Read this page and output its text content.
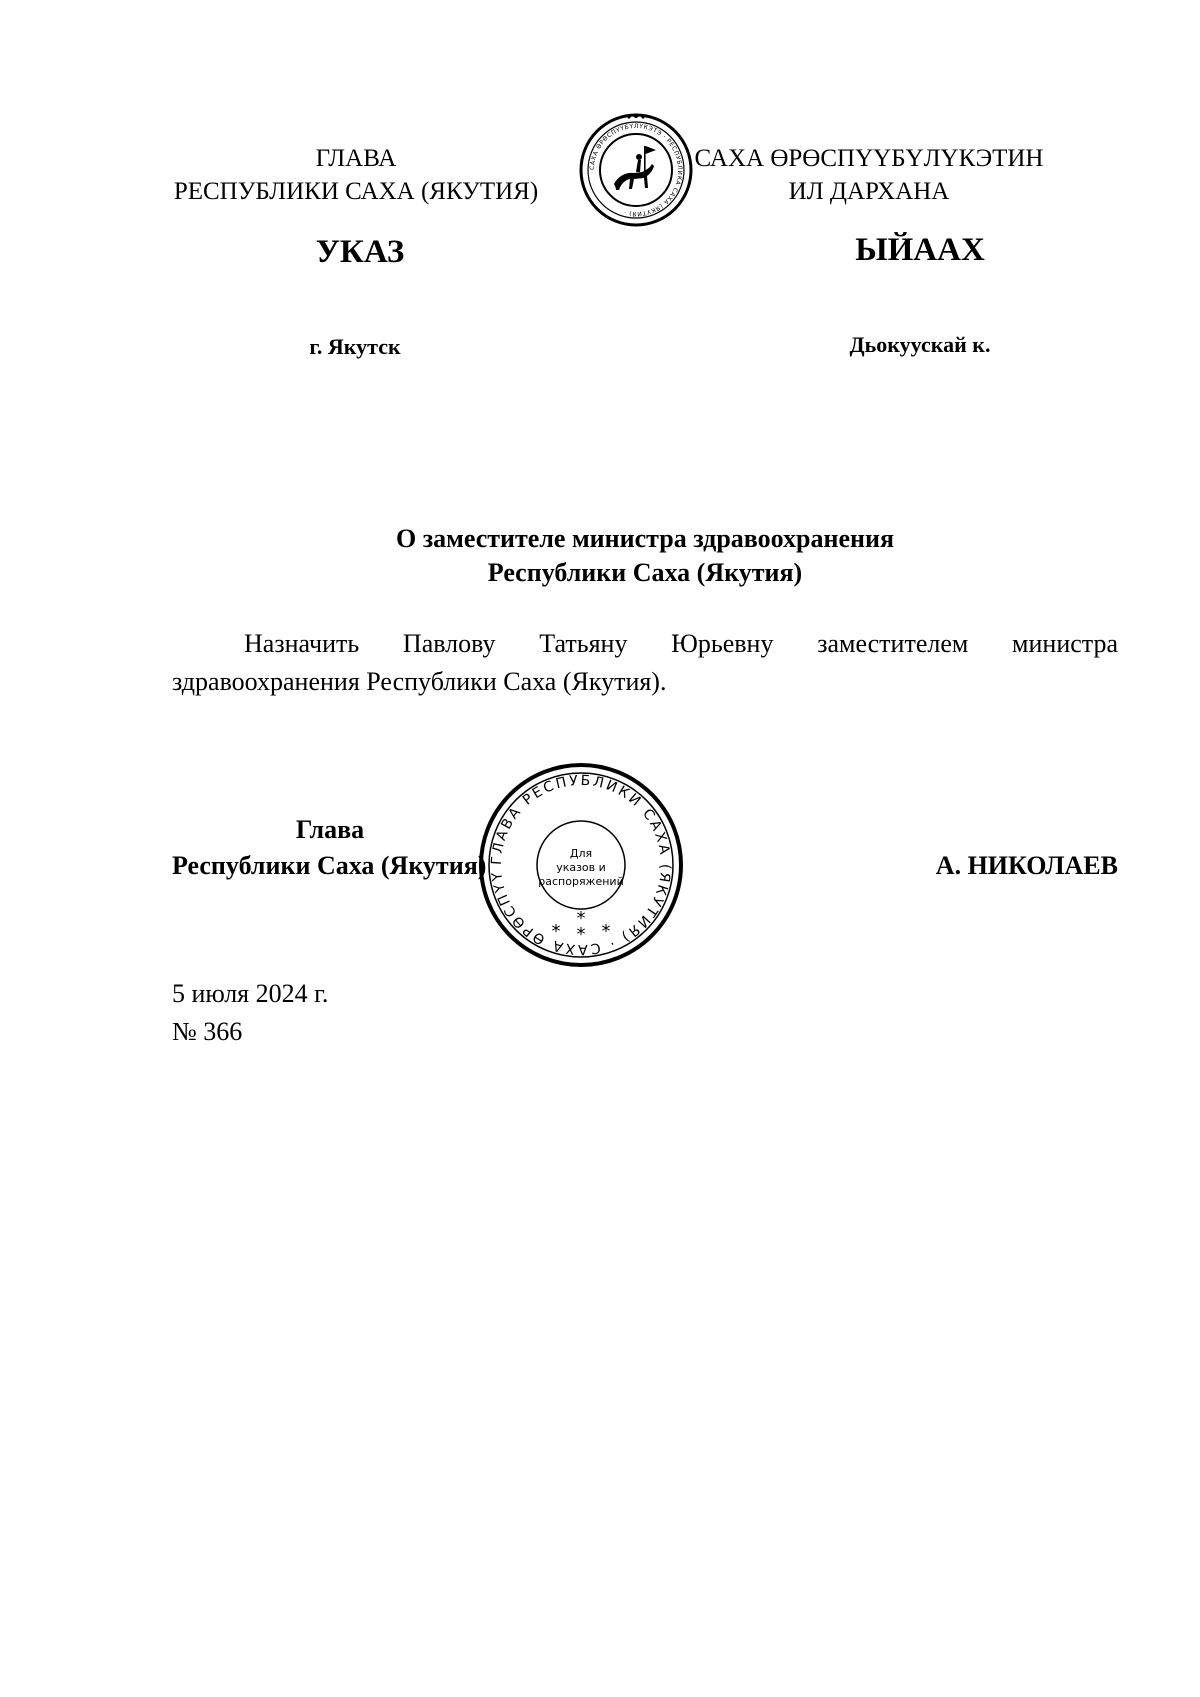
ГЛАВА
РЕСПУБЛИКИ САХА (ЯКУТИЯ)
САХА ӨРӨСПҮҮБҮЛҮКЭТЭ · РЕСПУБЛИКА САХА (ЯКУТИЯ) ·
САХА ӨРӨСПҮҮБҮЛҮКЭТИН
ИЛ ДАРХАНА
УКАЗ	ЫЙААХ
г. Якутск	Дьокуускай к.
О заместителе министра здравоохранения
Республики Саха (Якутия)
Назначить Павлову Татьяну Юрьевну заместителем министра здравоохранения Республики Саха (Якутия).
ГЛАВА РЕСПУБЛИКИ САХА (ЯКУТИЯ) · САХА ӨРӨСПҮҮ
Для
указов и
распоряжений
*
*
* *
Глава
Республики Саха (Якутия)	А. НИКОЛАЕВ
5 июля 2024 г.
№ 366
